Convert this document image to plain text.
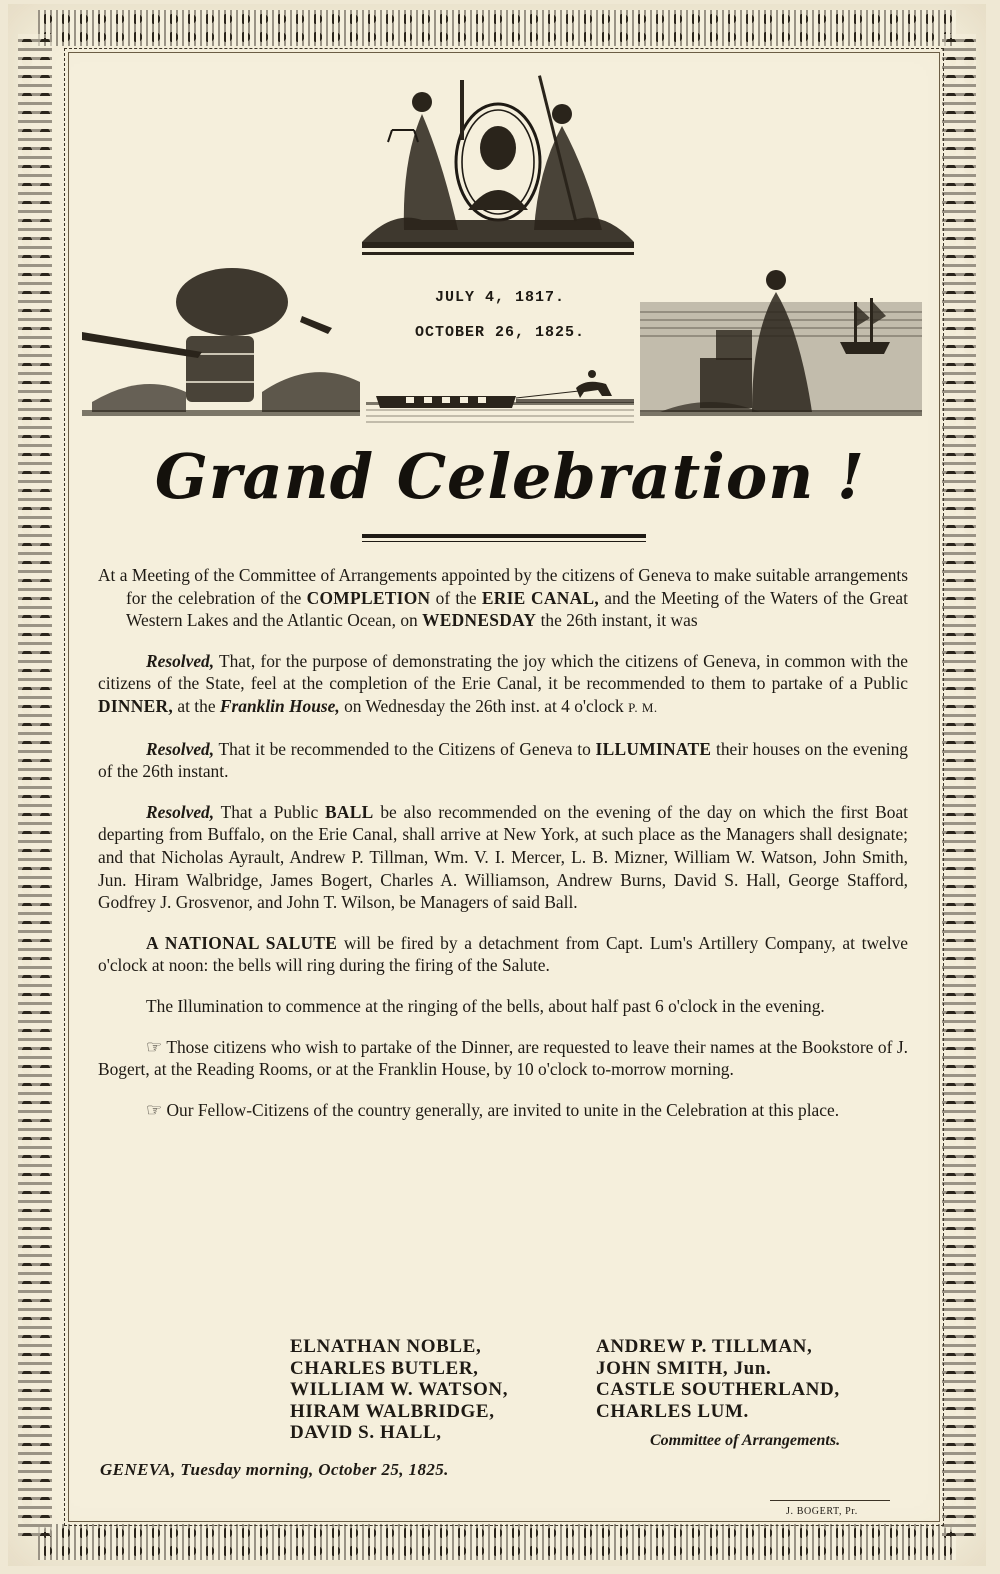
JULY 4, 1817.
OCTOBER 26, 1825.
Grand Celebration !

At a Meeting of the Committee of Arrangements appointed by the citizens of Geneva to make suitable arrangements for the celebration of the COMPLETION of the ERIE CANAL, and the Meeting of the Waters of the Great Western Lakes and the Atlantic Ocean, on WEDNESDAY the 26th instant, it was

Resolved, That, for the purpose of demonstrating the joy which the citizens of Geneva, in common with the citizens of the State, feel at the completion of the Erie Canal, it be recommended to them to partake of a Public DINNER, at the Franklin House, on Wednesday the 26th inst. at 4 o'clock P. M.

Resolved, That it be recommended to the Citizens of Geneva to ILLUMINATE their houses on the evening of the 26th instant.

Resolved, That a Public BALL be also recommended on the evening of the day on which the first Boat departing from Buffalo, on the Erie Canal, shall arrive at New York, at such place as the Managers shall designate; and that Nicholas Ayrault, Andrew P. Tillman, Wm. V. I. Mercer, L. B. Mizner, William W. Watson, John Smith, Jun. Hiram Walbridge, James Bogert, Charles A. Williamson, Andrew Burns, David S. Hall, George Stafford, Godfrey J. Grosvenor, and John T. Wilson, be Managers of said Ball.

A NATIONAL SALUTE will be fired by a detachment from Capt. Lum's Artillery Company, at twelve o'clock at noon: the bells will ring during the firing of the Salute.

The Illumination to commence at the ringing of the bells, about half past 6 o'clock in the evening.

☞ Those citizens who wish to partake of the Dinner, are requested to leave their names at the Bookstore of J. Bogert, at the Reading Rooms, or at the Franklin House, by 10 o'clock to-morrow morning.

☞ Our Fellow-Citizens of the country generally, are invited to unite in the Celebration at this place.

ELNATHAN NOBLE,
CHARLES BUTLER,
WILLIAM W. WATSON,
HIRAM WALBRIDGE,
DAVID S. HALL,
ANDREW P. TILLMAN,
JOHN SMITH, Jun.
CASTLE SOUTHERLAND,
CHARLES LUM.
Committee of Arrangements.
GENEVA, Tuesday morning, October 25, 1825.
J. BOGERT, Pr.
